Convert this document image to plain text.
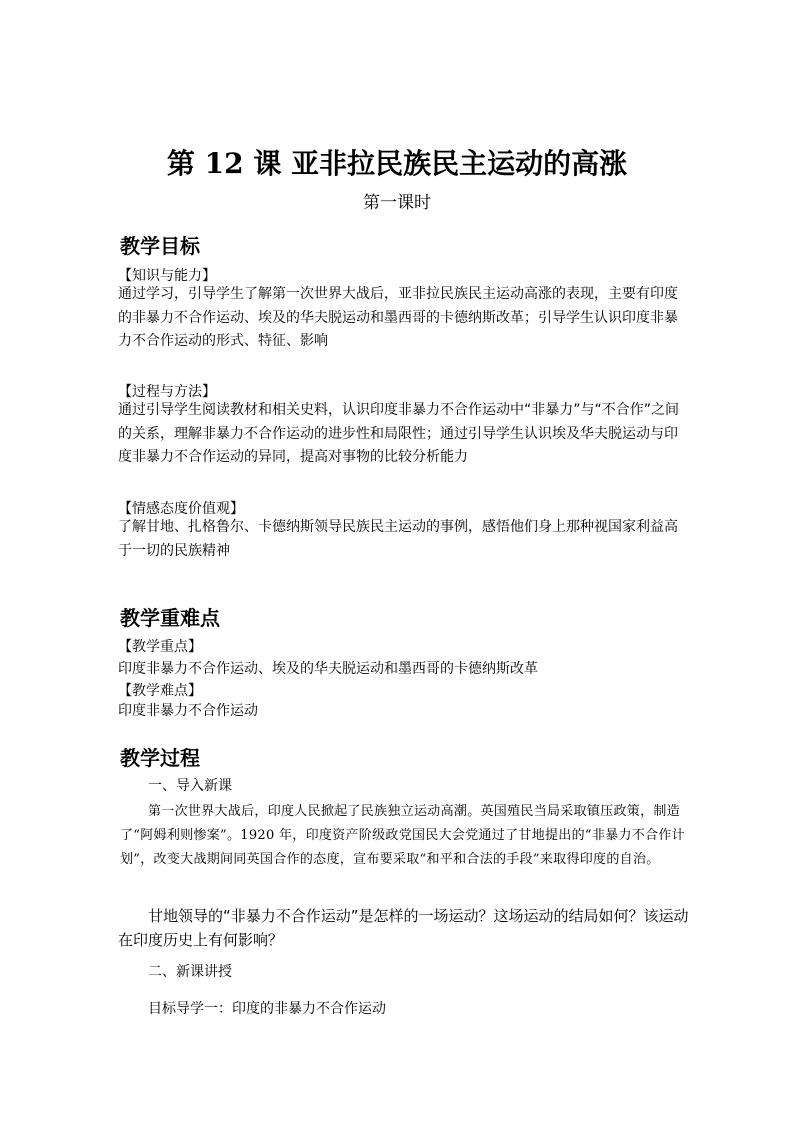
第 12 课 亚非拉民族民主运动的高涨
第一课时
教学目标
【知识与能力】

通过学习，引导学生了解第一次世界大战后，亚非拉民族民主运动高涨的表现，主要有印度的非暴力不合作运动、埃及的华夫脱运动和墨西哥的卡德纳斯改革；引导学生认识印度非暴力不合作运动的形式、特征、影响

【过程与方法】

通过引导学生阅读教材和相关史料，认识印度非暴力不合作运动中“非暴力”与“不合作”之间的关系，理解非暴力不合作运动的进步性和局限性；通过引导学生认识埃及华夫脱运动与印度非暴力不合作运动的异同，提高对事物的比较分析能力

【情感态度价值观】

了解甘地、扎格鲁尔、卡德纳斯领导民族民主运动的事例，感悟他们身上那种视国家利益高于一切的民族精神

教学重难点
【教学重点】
印度非暴力不合作运动、埃及的华夫脱运动和墨西哥的卡德纳斯改革
【教学难点】
印度非暴力不合作运动
教学过程
一、导入新课

第一次世界大战后，印度人民掀起了民族独立运动高潮。英国殖民当局采取镇压政策，制造了“阿姆利则惨案”。1920 年，印度资产阶级政党国民大会党通过了甘地提出的“非暴力不合作计划”，改变大战期间同英国合作的态度，宣布要采取“和平和合法的手段”来取得印度的自治。

甘地领导的“非暴力不合作运动”是怎样的一场运动？这场运动的结局如何？该运动在印度历史上有何影响？

二、新课讲授
目标导学一：印度的非暴力不合作运动
